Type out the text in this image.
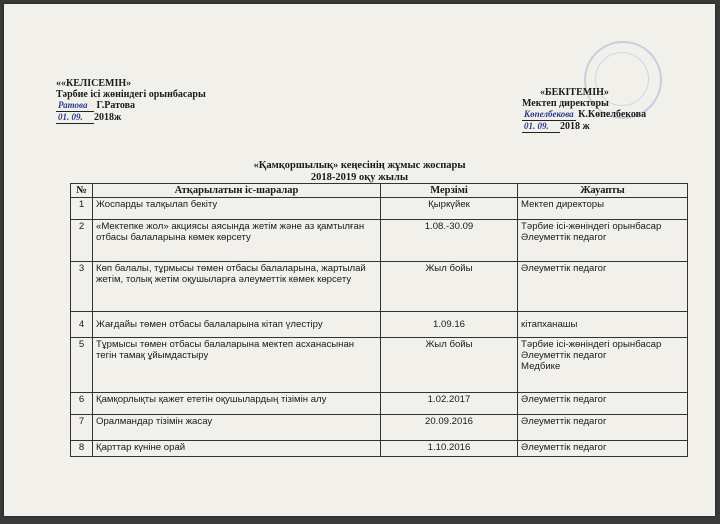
««КЕЛІСЕМІН»
Тәрбие ісі жөніндегі орынбасары
Ратова Г.Ратова
01. 09. 2018ж
«БЕКІТЕМІН»
Мектеп директоры
Көпелбекова К.Көпелбекова
01. 09. 2018 ж
«Қамқоршылық» кеңесінің жұмыс жоспары
2018-2019 оқу жылы
№	Атқарылатын іс-шаралар	Мерзімі	Жауапты
1	Жоспарды талқылап бекіту	Қыркүйек	Мектеп директоры
2	«Мектепке жол» акциясы аясында жетім және аз қамтылған отбасы балаларына көмек көрсету	1.08.-30.09	Тәрбие ісі-жөніндегі орынбасар
Әлеуметтік педагог
3	Көп балалы, тұрмысы төмен отбасы балаларына, жартылай жетім, толық жетім оқушыларға әлеуметтік көмек көрсету	Жыл бойы	Әлеуметтік педагог
4	Жағдайы төмен отбасы балаларына кітап үлестіру	1.09.16	кітапханашы
5	Тұрмысы төмен отбасы балаларына мектеп асханасынан тегін тамақ ұйымдастыру	Жыл бойы	Тәрбие ісі-жөніндегі орынбасар
Әлеуметтік педагог
Медбике
6	Қамқорлықты қажет ететін оқушылардың тізімін алу	1.02.2017	Әлеуметтік педагог
7	Оралмандар тізімін жасау	20.09.2016	Әлеуметтік педагог
8	Қарттар күніне орай	1.10.2016	Әлеуметтік педагог
